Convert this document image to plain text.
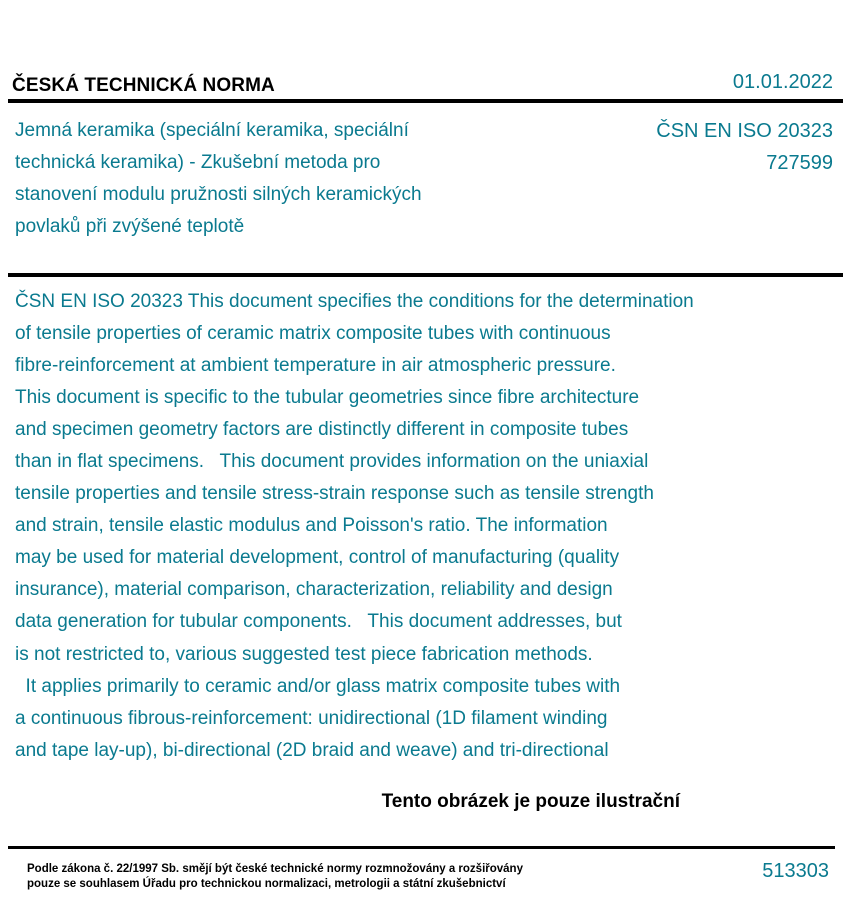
ČESKÁ TECHNICKÁ NORMA	01.01.2022
Jemná keramika (speciální keramika, speciální
technická keramika) - Zkušební metoda pro
stanovení modulu pružnosti silných keramických
povlaků při zvýšené teplotě
ČSN EN ISO 20323
727599
ČSN EN ISO 20323 This document specifies the conditions for the determination
of tensile properties of ceramic matrix composite tubes with continuous
fibre-reinforcement at ambient temperature in air atmospheric pressure.
This document is specific to the tubular geometries since fibre architecture
and specimen geometry factors are distinctly different in composite tubes
than in flat specimens.   This document provides information on the uniaxial
tensile properties and tensile stress-strain response such as tensile strength
and strain, tensile elastic modulus and Poisson's ratio. The information
may be used for material development, control of manufacturing (quality
insurance), material comparison, characterization, reliability and design
data generation for tubular components.   This document addresses, but
is not restricted to, various suggested test piece fabrication methods.
It applies primarily to ceramic and/or glass matrix composite tubes with
a continuous fibrous-reinforcement: unidirectional (1D filament winding
and tape lay-up), bi-directional (2D braid and weave) and tri-directional
Tento obrázek je pouze ilustrační
Podle zákona č. 22/1997 Sb. smějí být české technické normy rozmnožovány a rozšiřovány
pouze se souhlasem Úřadu pro technickou normalizaci, metrologii a státní zkušebnictví
513303
